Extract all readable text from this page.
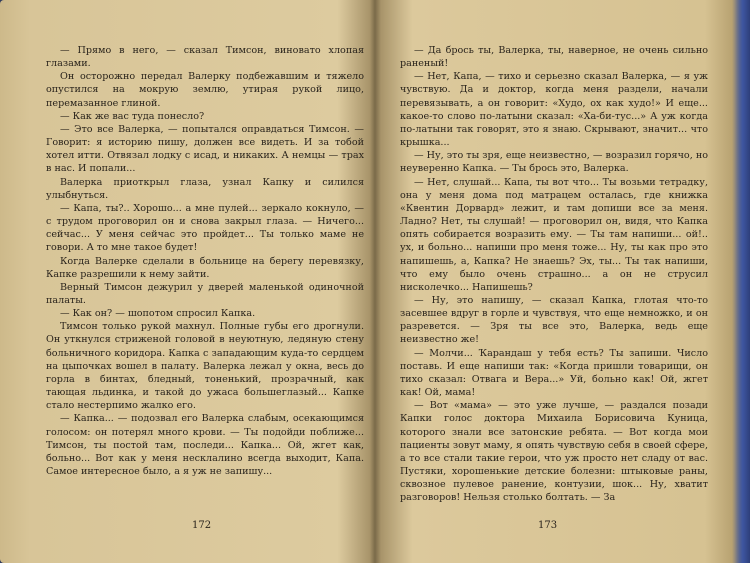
— Прямо в него, — сказал Тимсон, виновато хлопая глазами.

Он осторожно передал Валерку подбежавшим и тяжело опустился на мокрую землю, утирая рукой лицо, перемазанное глиной.

— Как же вас туда понесло?

— Это все Валерка, — попытался оправдаться Тимсон. — Говорит: я историю пишу, должен все видеть. И за тобой хотел итти. Отвязал лодку с исад, и никаких. А немцы — трах в нас. И попали...

Валерка приоткрыл глаза, узнал Капку и силился улыбнуться.

— Капа, ты?.. Хорошо... а мне пулей... зеркало кокнуло, — с трудом проговорил он и снова закрыл глаза. — Ничего... сейчас... У меня сейчас это пройдет... Ты только маме не говори. А то мне такое будет!

Когда Валерке сделали в больнице на берегу перевязку, Капке разрешили к нему зайти.

Верный Тимсон дежурил у дверей маленькой одиночной палаты.

— Как он? — шопотом спросил Капка.

Тимсон только рукой махнул. Полные губы его дрогнули. Он уткнулся стриженой головой в неуютную, ледяную стену больничного коридора. Капка с западающим куда-то сердцем на цыпочках вошел в палату. Валерка лежал у окна, весь до горла в бинтах, бледный, тоненький, прозрачный, как тающая льдинка, и такой до ужаса большеглазый... Капке стало нестерпимо жалко его.

— Капка... — подозвал его Валерка слабым, осекающимся голосом: он потерял много крови. — Ты подойди поближе... Тимсон, ты постой там, последи... Капка... Ой, жгет как, больно... Вот как у меня несклалино всегда выходит, Капа. Самое интересное было, а я уж не запишу...

172

— Да брось ты, Валерка, ты, наверное, не очень сильно раненый!

— Нет, Капа, — тихо и серьезно сказал Валерка, — я уж чувствую. Да и доктор, когда меня раздели, начали перевязывать, а он говорит: «Худо, ох как худо!» И еще... какое-то слово по-латыни сказал: «Ха-би-тус...» А уж когда по-латыни так говорят, это я знаю. Скрывают, значит... что крышка...

— Ну, это ты зря, еще неизвестно, — возразил горячо, но неуверенно Капка. — Ты брось это, Валерка.

— Нет, слушай... Капа, ты вот что... Ты возьми тетрадку, она у меня дома под матрацем осталась, где книжка «Квентин Дорвард» лежит, и там допиши все за меня. Ладно? Нет, ты слушай! — проговорил он, видя, что Капка опять собирается возразить ему. — Ты там напиши... ой!.. ух, и больно... напиши про меня тоже... Ну, ты как про это напишешь, а, Капка? Не знаешь? Эх, ты... Ты так напиши, что ему было очень страшно... а он не струсил нисколечко... Напишешь?

— Ну, это напишу, — сказал Капка, глотая что-то засевшее вдруг в горле и чувствуя, что еще немножко, и он разревется. — Зря ты все это, Валерка, ведь еще неизвестно же!

— Молчи... Ҡарандаш у тебя есть? Ты запиши. Число поставь. И еще напиши так: «Когда пришли товарищи, он тихо сказал: Отвага и Вера...» Уй, больно как! Ой, жгет как! Ой, мама!

— Вот «мама» — это уже лучше, — раздался позади Капки голос доктора Михаила Борисовича Куница, которого знали все затонские ребята. — Вот когда мои пациенты зовут маму, я опять чувствую себя в своей сфере, а то все стали такие герои, что уж просто нет сладу от вас. Пустяки, хорошенькие детские болезни: штыковые раны, сквозное пулевое ранение, контузии, шок... Ну, хватит разговоров! Нельзя столько болтать. — За

173
